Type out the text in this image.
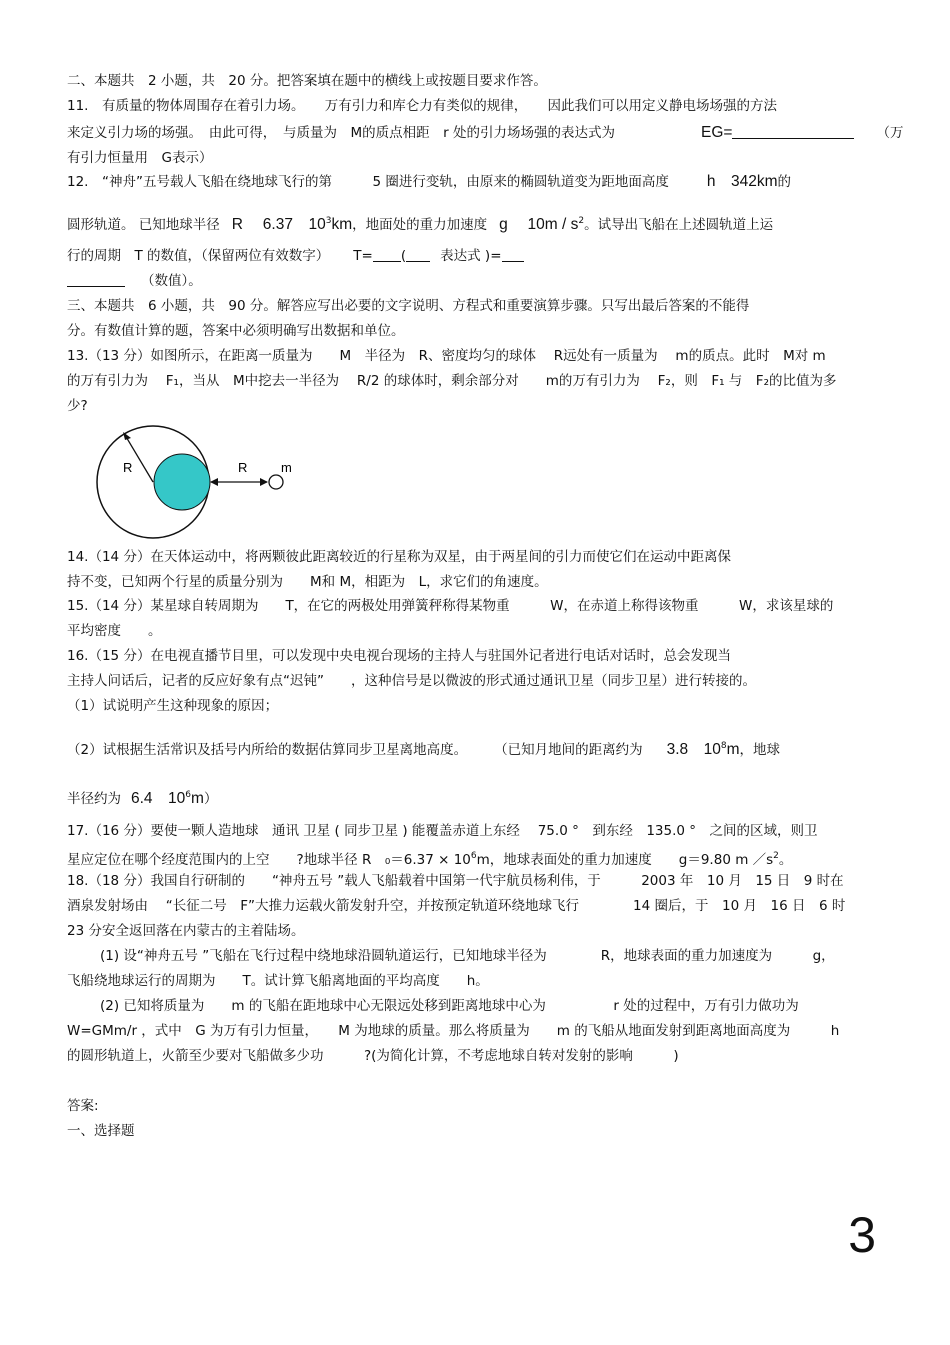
二、本题共　2 小题，共　20 分。把答案填在题中的横线上或按题目要求作答。
11.　有质量的物体周围存在着引力场。　　万有引力和库仑力有类似的规律，　　因此我们可以用定义静电场场强的方法
来定义引力场的场强。　由此可得，　与质量为　M的质点相距　r 处的引力场场强的表达式为	EG=	（万
有引力恒量用　G表示）
12.　“神舟”五号载人飞船在绕地球飞行的第　　　5 圈进行变轨，由原来的椭圆轨道变为距地面高度 h　342km的
圆形轨道。 已知地球半径 R　 6.37　$10^3km$，地面处的重力加速度 g　 $10m / s^2$。试导出飞船在上述圆轨道上运
行的周期　T 的数值，（保留两位有效数字） T= (	表达式 )=
（数值）。
三、本题共　6 小题，共　90 分。解答应写出必要的文字说明、方程式和重要演算步骤。只写出最后答案的不能得
分。有数值计算的题，答案中必须明确写出数据和单位。
13.（13 分）如图所示，在距离一质量为　　M　半径为　R、密度均匀的球体　 R远处有一质量为　 m的质点。此时　M对 m
的万有引力为　 F₁，当从　M中挖去一半径为　 R/2 的球体时，剩余部分对　　m的万有引力为　 F₂，则　F₁ 与　F₂的比值为多
少?
R	R	m
14.（14 分）在天体运动中，将两颗彼此距离较近的行星称为双星，由于两星间的引力而使它们在运动中距离保
持不变，已知两个行星的质量分别为　　M和 M，相距为　L，求它们的角速度。
15.（14 分）某星球自转周期为　　T，在它的两极处用弹簧秤称得某物重　　　W，在赤道上称得该物重　　　W，求该星球的
平均密度　　。
16.（15 分）在电视直播节目里，可以发现中央电视台现场的主持人与驻国外记者进行电话对话时，总会发现当
主持人问话后，记者的反应好象有点“迟钝”　　，这种信号是以微波的形式通过通讯卫星（同步卫星）进行转接的。
（1）试说明产生这种现象的原因；
（2）试根据生活常识及括号内所给的数据估算同步卫星离地高度。　　　（已知月地间的距离约为 3.8　$10^8m$，地球
半径约为 6.4　$10^6m$）
17.（16 分）要使一颗人造地球　通讯 卫星 ( 同步卫星 ) 能覆盖赤道上东经　 75.0 °　到东经　135.0 °　之间的区域，则卫
星应定位在哪个经度范围内的上空　　?地球半径 R　$_0=6.37 \times 10^6m$，地球表面处的重力加速度　　g＝9.80 m $/s^2$。
18.（18 分）我国自行研制的　　“神舟五号 ”载人飞船载着中国第一代宇航员杨利伟，于　　　2003 年　10 月　15 日　9 时在
酒泉发射场由　 “长征二号　F”大推力运载火箭发射升空，并按预定轨道环绕地球飞行　　　　14 圈后，于　10 月　16 日　6 时
23 分安全返回落在内蒙古的主着陆场。
(1) 设“神舟五号 ”飞船在飞行过程中绕地球沿圆轨道运行，已知地球半径为　　　　R，地球表面的重力加速度为　　　g，
飞船绕地球运行的周期为　　T。试计算飞船离地面的平均高度　　h。
(2) 已知将质量为　　m 的飞船在距地球中心无限远处移到距离地球中心为　　　　　r 处的过程中，万有引力做功为
W=GMm/r ，式中　G 为万有引力恒量，　　M 为地球的质量。那么将质量为　　m 的飞船从地面发射到距离地面高度为　　　h
的圆形轨道上，火箭至少要对飞船做多少功　　　?(为简化计算，不考虑地球自转对发射的影响　　　)
答案:
一、选择题
3
